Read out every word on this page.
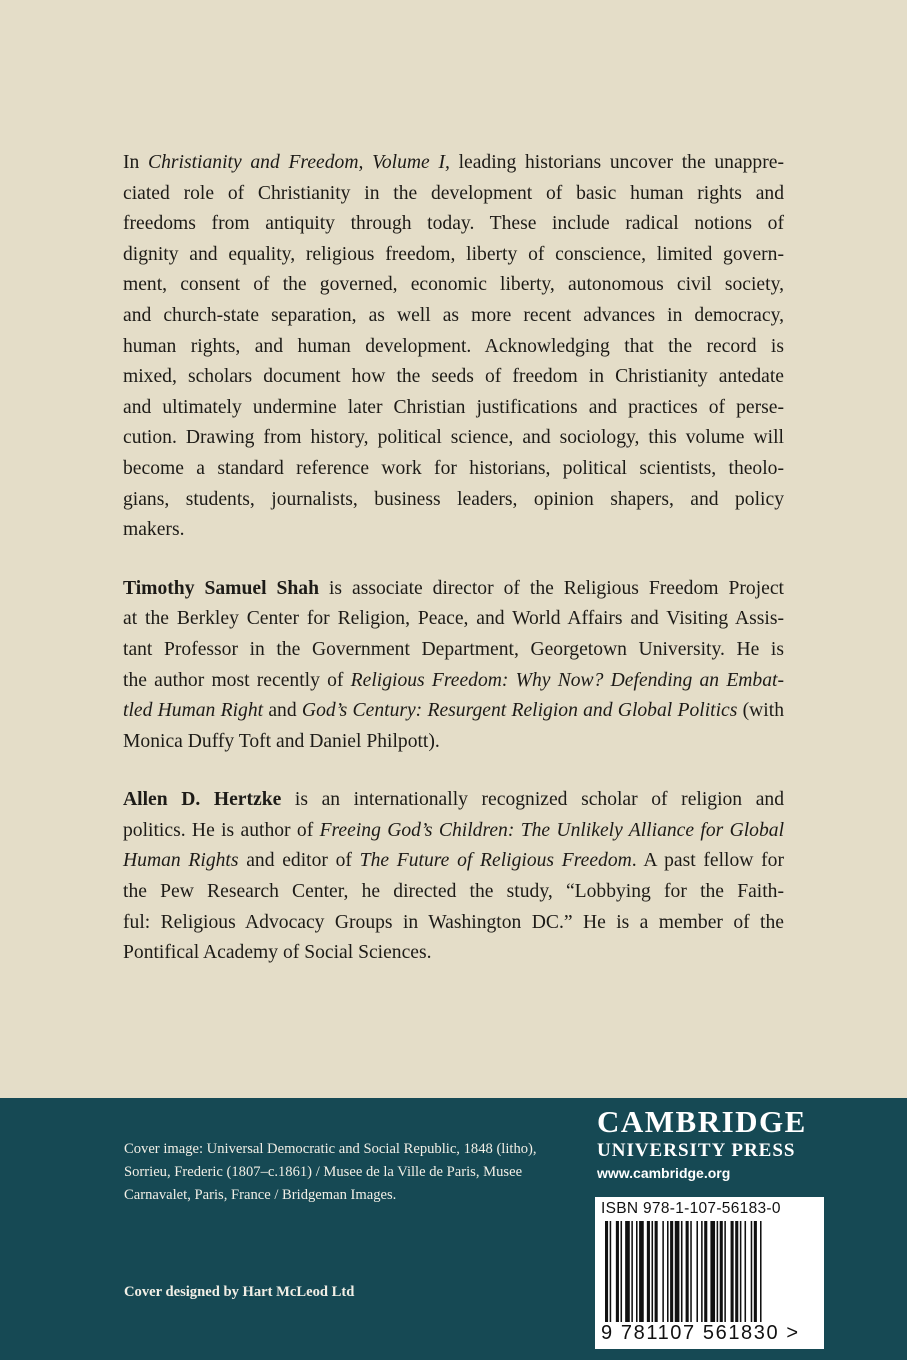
In Christianity and Freedom, Volume I, leading historians uncover the unappre-
ciated role of Christianity in the development of basic human rights and
freedoms from antiquity through today. These include radical notions of
dignity and equality, religious freedom, liberty of conscience, limited govern-
ment, consent of the governed, economic liberty, autonomous civil society,
and church-state separation, as well as more recent advances in democracy,
human rights, and human development. Acknowledging that the record is
mixed, scholars document how the seeds of freedom in Christianity antedate
and ultimately undermine later Christian justifications and practices of perse-
cution. Drawing from history, political science, and sociology, this volume will
become a standard reference work for historians, political scientists, theolo-
gians, students, journalists, business leaders, opinion shapers, and policy
makers.
Timothy Samuel Shah is associate director of the Religious Freedom Project
at the Berkley Center for Religion, Peace, and World Affairs and Visiting Assis-
tant Professor in the Government Department, Georgetown University. He is
the author most recently of Religious Freedom: Why Now? Defending an Embat-
tled Human Right and God’s Century: Resurgent Religion and Global Politics (with
Monica Duffy Toft and Daniel Philpott).
Allen D. Hertzke is an internationally recognized scholar of religion and
politics. He is author of Freeing God’s Children: The Unlikely Alliance for Global
Human Rights and editor of The Future of Religious Freedom. A past fellow for
the Pew Research Center, he directed the study, “Lobbying for the Faith-
ful: Religious Advocacy Groups in Washington DC.” He is a member of the
Pontifical Academy of Social Sciences.
Cover image: Universal Democratic and Social Republic, 1848 (litho),
Sorrieu, Frederic (1807–c.1861) / Musee de la Ville de Paris, Musee
Carnavalet, Paris, France / Bridgeman Images.
Cover designed by Hart McLeod Ltd
CAMBRIDGE
UNIVERSITY PRESS
www.cambridge.org
ISBN 978-1-107-56183-0
9 781107 561830 >
